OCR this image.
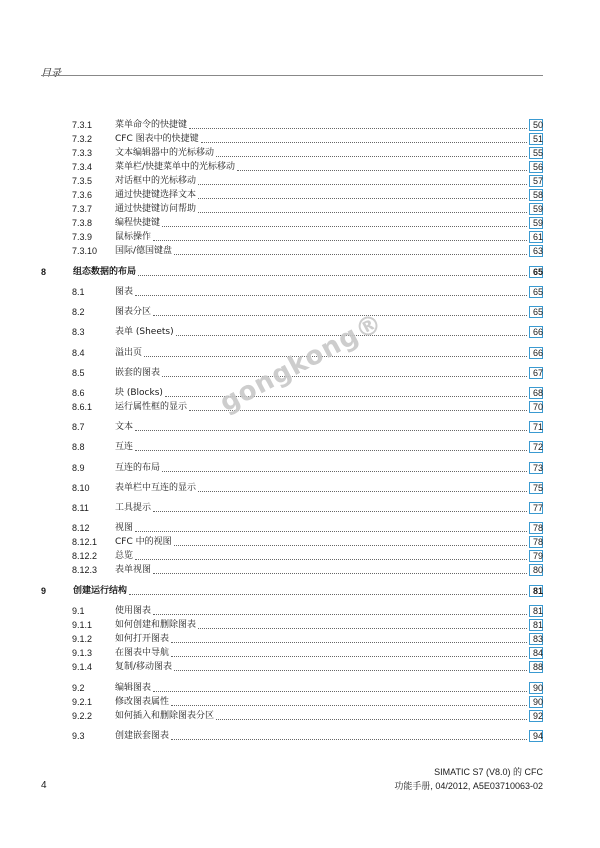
目录
7.3.1	菜单命令的快捷键	50
7.3.2	CFC 图表中的快捷键	51
7.3.3	文本编辑器中的光标移动	55
7.3.4	菜单栏/快捷菜单中的光标移动	56
7.3.5	对话框中的光标移动	57
7.3.6	通过快捷键选择文本	58
7.3.7	通过快捷键访问帮助	59
7.3.8	编程快捷键	59
7.3.9	鼠标操作	61
7.3.10 国际/德国键盘	63
8	组态数据的布局	65
8.1	图表	65
8.2	图表分区	65
8.3	表单 (Sheets)	66
8.4	溢出页	66
8.5	嵌套的图表	67
8.6	块 (Blocks)	68
8.6.1	运行属性框的显示	70
8.7	文本	71
8.8	互连	72
8.9	互连的布局	73
8.10	表单栏中互连的显示	75
8.11	工具提示	77
8.12	视图	78
8.12.1 CFC 中的视图	78
8.12.2 总览	79
8.12.3 表单视图	80
9	创建运行结构	81
9.1	使用图表	81
9.1.1	如何创建和删除图表	81
9.1.2	如何打开图表	83
9.1.3	在图表中导航	84
9.1.4	复制/移动图表	88
9.2	编辑图表	90
9.2.1	修改图表属性	90
9.2.2	如何插入和删除图表分区	92
9.3	创建嵌套图表	94
gongkong®
4
SIMATIC S7 (V8.0) 的 CFC
功能手册, 04/2012, A5E03710063-02
